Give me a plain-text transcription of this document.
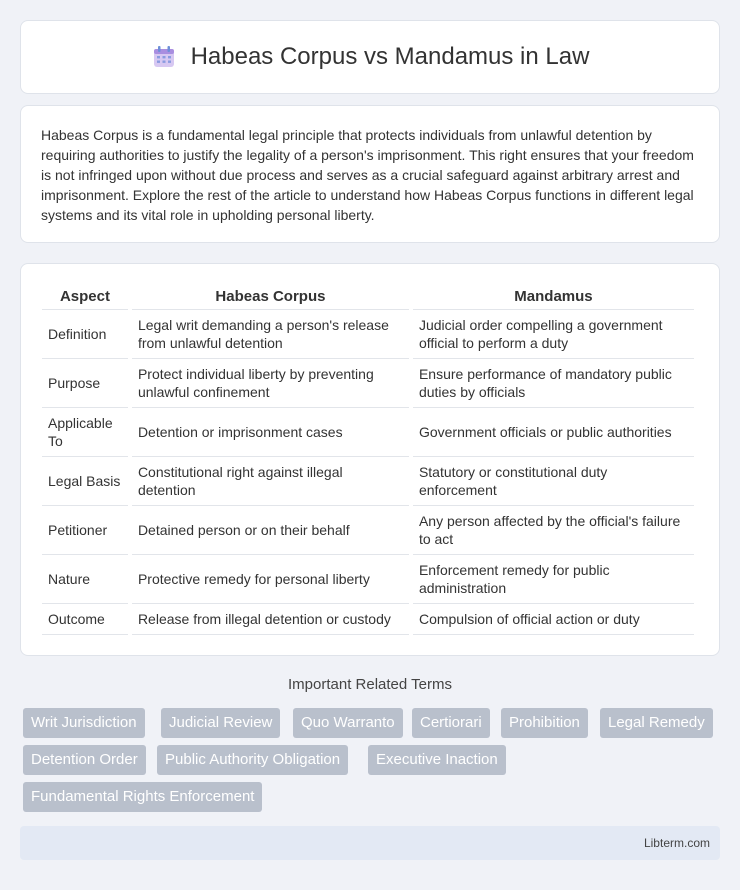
Habeas Corpus vs Mandamus in Law

Habeas Corpus is a fundamental legal principle that protects individuals from unlawful detention by requiring authorities to justify the legality of a person's imprisonment. This right ensures that your freedom is not infringed upon without due process and serves as a crucial safeguard against arbitrary arrest and imprisonment. Explore the rest of the article to understand how Habeas Corpus functions in different legal systems and its vital role in upholding personal liberty.

Aspect	Habeas Corpus	Mandamus
Definition	Legal writ demanding a person's release from unlawful detention	Judicial order compelling a government official to perform a duty
Purpose	Protect individual liberty by preventing unlawful confinement	Ensure performance of mandatory public duties by officials
Applicable To	Detention or imprisonment cases	Government officials or public authorities
Legal Basis	Constitutional right against illegal detention	Statutory or constitutional duty enforcement
Petitioner	Detained person or on their behalf	Any person affected by the official's failure to act
Nature	Protective remedy for personal liberty	Enforcement remedy for public administration
Outcome	Release from illegal detention or custody	Compulsion of official action or duty
Important Related Terms
Writ Jurisdiction	Judicial Review	Quo Warranto	Certiorari	Prohibition	Legal Remedy
Detention Order	Public Authority Obligation	Executive Inaction
Fundamental Rights Enforcement
Libterm.com
